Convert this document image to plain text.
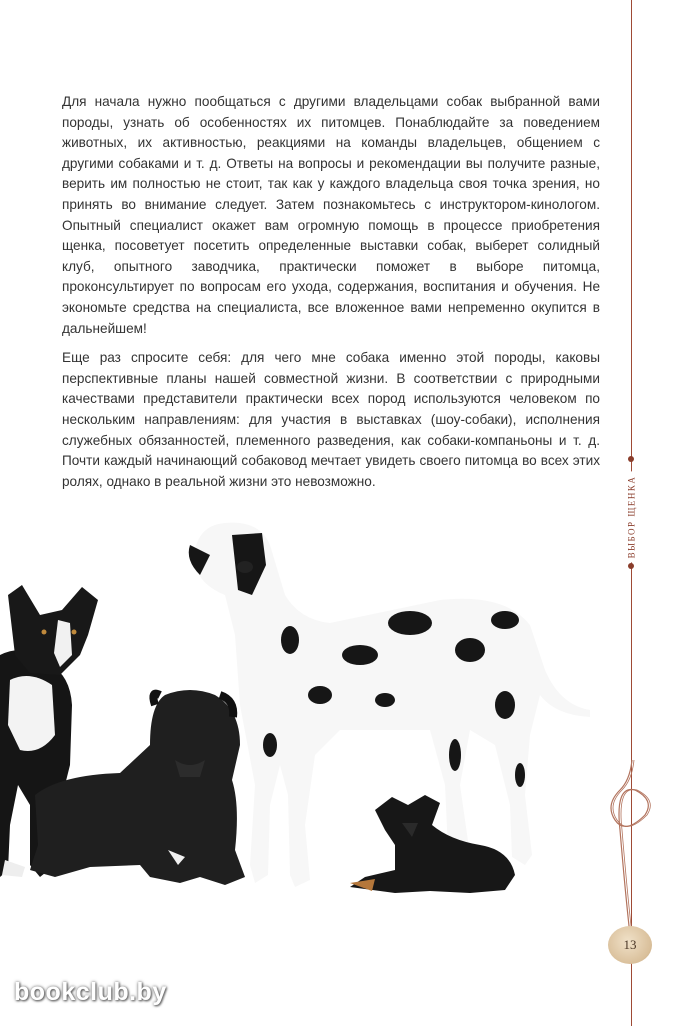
ВЫБОР ЩЕНКА

Для начала нужно пообщаться с другими владельцами собак выбранной вами породы, узнать об особенностях их питомцев. Понаблюдайте за поведением животных, их активностью, реакциями на команды владельцев, общением с другими собаками и т. д. Ответы на вопросы и рекомендации вы получите разные, верить им полностью не стоит, так как у каждого владельца своя точка зрения, но принять во внимание следует. Затем познакомьтесь с инструктором-кинологом. Опытный специалист окажет вам огромную помощь в процессе приобретения щенка, посоветует посетить определенные выставки собак, выберет солидный клуб, опытного заводчика, практически поможет в выборе питомца, проконсультирует по вопросам его ухода, содержания, воспитания и обучения. Не экономьте средства на специалиста, все вложенное вами непременно окупится в дальнейшем!

Еще раз спросите себя: для чего мне собака именно этой породы, каковы перспективные планы нашей совместной жизни. В соответствии с природными качествами представители практически всех пород используются человеком по нескольким направлениям: для участия в выставках (шоу-собаки), исполнения служебных обязанностей, племенного разведения, как собаки-компаньоны и т. д. Почти каждый начинающий собаковод мечтает увидеть своего питомца во всех этих ролях, однако в реальной жизни это невозможно.

13
bookclub.by
